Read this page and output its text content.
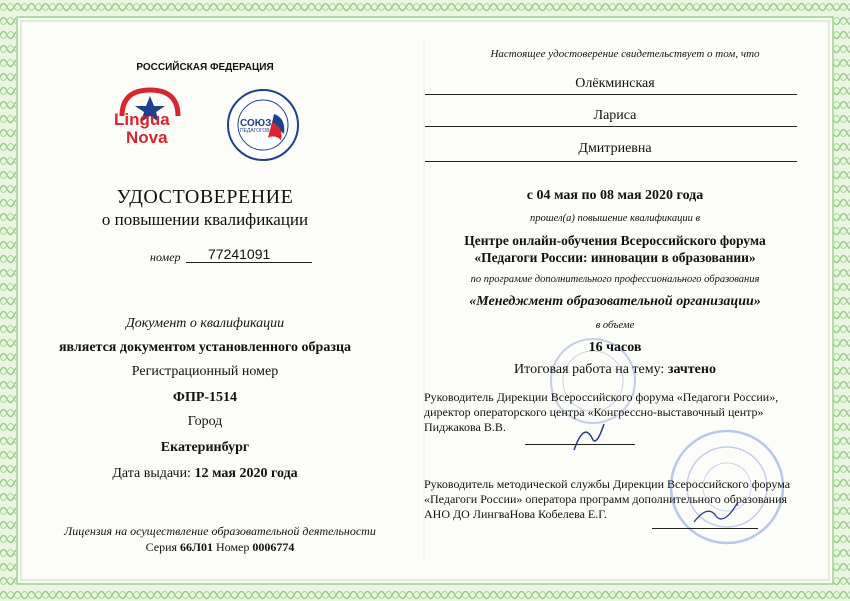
РОССИЙСКАЯ ФЕДЕРАЦИЯ
Lingua
Nova
СОЮЗ
ПЕДАГОГОВ
УДОСТОВЕРЕНИЕ
о повышении квалификации
номер 77241091
Документ о квалификации
является документом установленного образца
Регистрационный номер
ФПР-1514
Город
Екатеринбург
Дата выдачи: 12 мая 2020 года
Лицензия на осуществление образовательной деятельности
Серия 66Л01 Номер 0006774
Настоящее удостоверение свидетельствует о том, что
Олёкминская
Лариса
Дмитриевна
с 04 мая по 08 мая 2020 года
прошел(а) повышение квалификации в
Центре онлайн-обучения Всероссийского форума
«Педагоги России: инновации в образовании»
по программе дополнительного профессионального образования
«Менеджмент образовательной организации»
в объеме
16 часов
Итоговая работа на тему: зачтено
Руководитель Дирекции Всероссийского форума «Педагоги России»,
директор операторского центра «Конгрессно-выставочный центр»
Пиджакова В.В.
Руководитель методической службы Дирекции Всероссийского форума
«Педагоги России» оператора программ дополнительного образования
АНО ДО ЛингваНова Кобелева Е.Г.
